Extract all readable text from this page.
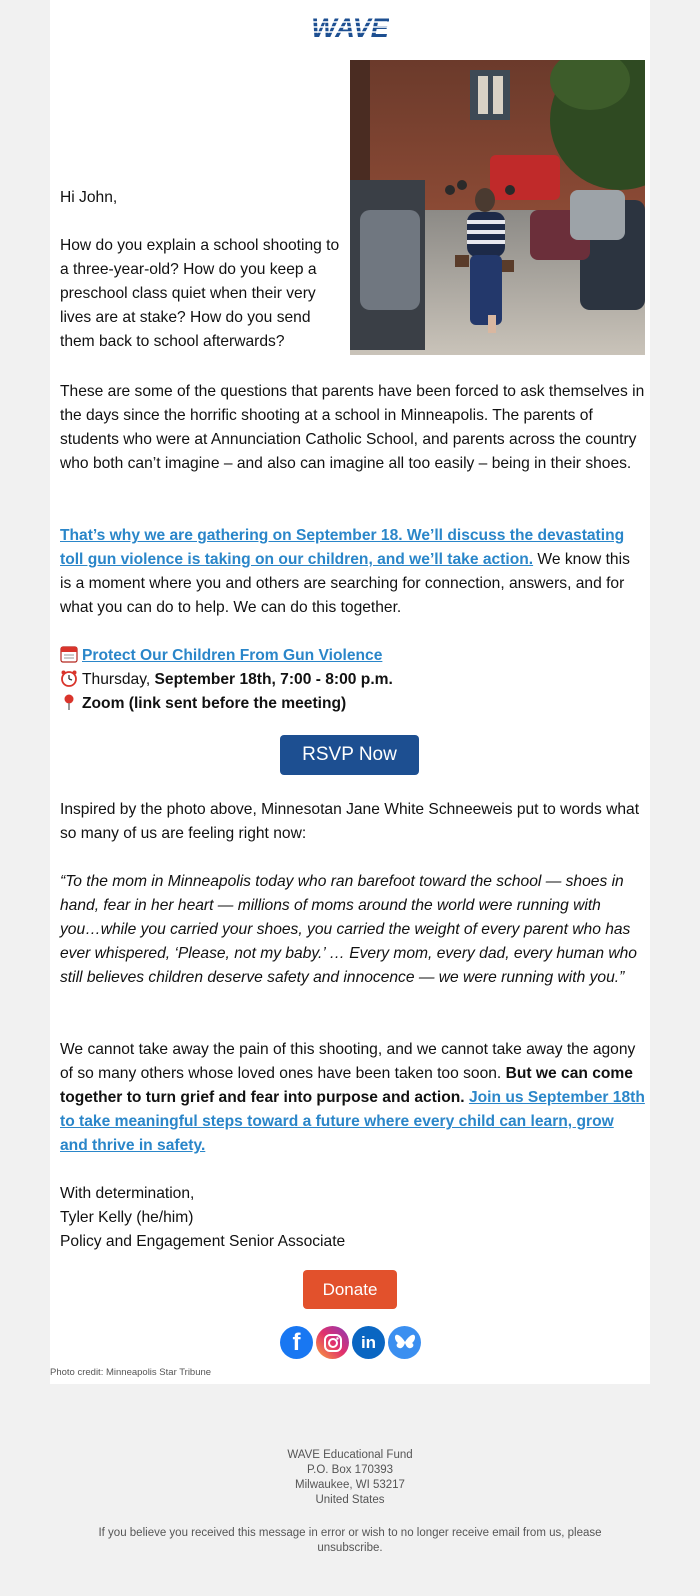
WAVE

Hi John,

How do you explain a school shooting to a three-year-old? How do you keep a preschool class quiet when their very lives are at stake? How do you send them back to school afterwards?

These are some of the questions that parents have been forced to ask themselves in the days since the horrific shooting at a school in Minneapolis. The parents of students who were at Annunciation Catholic School, and parents across the country who both can’t imagine – and also can imagine all too easily – being in their shoes.

That’s why we are gathering on September 18. We’ll discuss the devastating toll gun violence is taking on our children, and we’ll take action. We know this is a moment where you and others are searching for connection, answers, and for what you can do to help. We can do this together.

Protect Our Children From Gun Violence
Thursday, September 18th, 7:00 - 8:00 p.m.
Zoom (link sent before the meeting)
RSVP Now

Inspired by the photo above, Minnesotan Jane White Schneeweis put to words what so many of us are feeling right now:

“To the mom in Minneapolis today who ran barefoot toward the school — shoes in hand, fear in her heart — millions of moms around the world were running with you…while you carried your shoes, you carried the weight of every parent who has ever whispered, ‘Please, not my baby.’ … Every mom, every dad, every human who still believes children deserve safety and innocence — we were running with you.”

We cannot take away the pain of this shooting, and we cannot take away the agony of so many others whose loved ones have been taken too soon. But we can come together to turn grief and fear into purpose and action. Join us September 18th to take meaningful steps toward a future where every child can learn, grow and thrive in safety.

With determination,

Tyler Kelly (he/him)

Policy and Engagement Senior Associate

Donate
f	in
Photo credit: Minneapolis Star Tribune
WAVE Educational Fund
P.O. Box 170393
Milwaukee, WI 53217
United States
If you believe you received this message in error or wish to no longer receive email from us, please unsubscribe.
